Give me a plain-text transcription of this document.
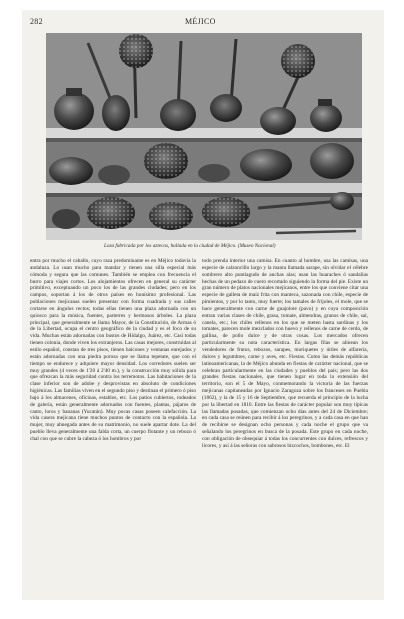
282	MÉJICO
Loza fabricada por los aztecas, hallada en la ciudad de Méjico. (Museo Nacional)

entra por mucho el caballo, cuyo raza predominante es en Méjico todavía la andaluza. Lo usan mucho para mandar y tienen una silla especial más cómoda y segura que las comunes. También se emplea con frecuencia el burro para viajes cortos. Los alojamientos ofrecen en general su carácter primitivo, exceptuando un poco los de las grandes ciudades; pero en los campos, soportan á los de otros países en bonísimo profesional. Las poblaciones mejicanas suelen presentar con forma cuadrada y sus calles cortarse en ángulos rectos; todas ellas tienen una plaza adornada con un quiosco para la música, fuentes, parterres y hermosos árboles. La plaza principal, que generalmente se llama Mayor, de la Constitución, de Armas ó de la Libertad, ocupa el centro geográfico de la ciudad y es el foco de su vida. Muchas están adornadas con bustos de Hidalgo, Juárez, etc. Casi todas tienen colonia, donde viven los extranjeros. Las casas mejores, construidas al estilo español, constan de tres pisos, tienen balcones y ventanas enrejados y están adornadas con una piedra porosa que se llama tepetate, que con el tiempo se endurece y adquiere mayor densidad. Los corredores suelen ser muy grandes (4 veces de 1'20 á 2'40 m.), y la construcción muy sólida para que ofrezcan la más seguridad contra los terremotos. Las habitaciones de la clase inferior son de adobe y desprovistas en absoluto de condiciones higiénicas. Las familias viven en el segundo piso y destinan el primero ó piso bajo á los almacenes, oficinas, establos, etc. Los patios cubiertos, rodeados de galería, están generalmente adornados con fuentes, plantas, pájaros de canto, loros y bananas (Yucatán). Muy pocas casas poseen calefacción. La vida casera mejicana tiene muchos puntos de contacto con la española. La mujer, muy abnegada antes de su matrimonio, no suele apartar dote. La del pueblo lleva generalmente una falda corta, un cuerpo flotante y un rebozo ó chal con que se cubre la cabeza ó los hombros y por

todo prenda interior una camisa. En cuanto al hombre, usa las camisas, una especie de calzoncillo largo y la manta llamada sarape, sin olvidar el célebre sombrero alto puntiagudo de anchas alas; usan las huaraches ó sandalias hechas de un pedazo de cuero recortado siguiendo la forma del pie. Existe un gran número de platos nacionales mejicanos, entre los que conviene citar una especie de galleta de maíz frita con manteca, sazonada con chile, especie de pimientos, y por lo tanto, muy fuerte; los tamales de frijoles, el mole, que se hace generalmente con carne de guajolote (pavo) y en cuya composición entran varias clases de chile, grasa, tomate, almendras, granos de chile, sal, canela, etc.; los chiles rellenos en los que se meten hasta sardinas y los tomates, parecen mole mezclados con huevo y rellenos de carne de cerdo, de gallina, de pollo dulce y de otras cosas. Los mercados ofrecen particularmente su nota característica. En largas filas se alinean los vendedores de frutos, rebozos, sarapes, moriquetes y útiles de alfarería, dulces y legumbres, carne y aves, etc. Fiestas. Como las demás repúblicas latinoamericanas, la de Méjico abunda en fiestas de carácter nacional, que se celebran particularmente en las ciudades y pueblos del país; pero las dos grandes fiestas nacionales, que tienen lugar en toda la extensión del territorio, son el 5 de Mayo, conmemorando la victoria de las fuerzas mejicanas capitaneadas por Ignacio Zaragoza sobre los franceses en Puebla (1862), y la de 15 y 16 de Septiembre, que recuerda el principio de la lucha por la libertad en 1810. Entre las fiestas de carácter popular son muy típicas las llamadas posadas, que comienzan ocho días antes del 24 de Diciembre; en cada casa se reúnen para recibir á los peregrinos, y a cada casa en que han de recibirse se designan ocho personas y cada noche el grupo que va señalando los peregrinos en busca de la posada. Este grupo en cada noche, con obligación de obsequiar á todas los concurrentes con dulces, refrescos y licores, y así á las señoras con sabrosos bizcochos, bombones, etc. El
